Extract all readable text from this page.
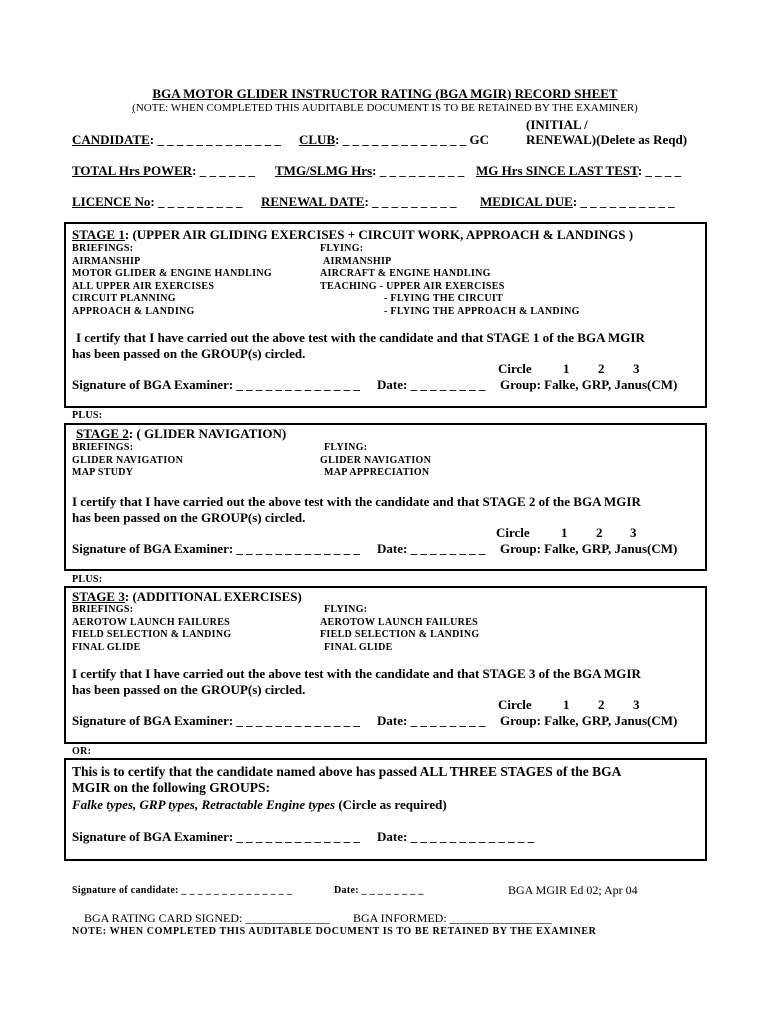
BGA MOTOR GLIDER INSTRUCTOR RATING (BGA MGIR) RECORD SHEET
(NOTE: WHEN COMPLETED THIS AUDITABLE DOCUMENT IS TO BE RETAINED BY THE EXAMINER)
CANDIDATE: _ _ _ _ _ _ _ _ _ _ _ _ _ CLUB: _ _ _ _ _ _ _ _ _ _ _ _ _ GC
(INITIAL /
RENEWAL)(Delete as Reqd)
TOTAL Hrs POWER: _ _ _ _ _ _ TMG/SLMG Hrs: _ _ _ _ _ _ _ _ _ MG Hrs SINCE LAST TEST: _ _ _ _
LICENCE No: _ _ _ _ _ _ _ _ _ RENEWAL DATE: _ _ _ _ _ _ _ _ _ MEDICAL DUE: _ _ _ _ _ _ _ _ _ _
STAGE 1: (UPPER AIR GLIDING EXERCISES + CIRCUIT WORK, APPROACH & LANDINGS )
BRIEFINGS:
AIRMANSHIP
MOTOR GLIDER & ENGINE HANDLING
ALL UPPER AIR EXERCISES
CIRCUIT PLANNING
APPROACH & LANDING
FLYING:
AIRMANSHIP
AIRCRAFT & ENGINE HANDLING
TEACHING - UPPER AIR EXERCISES
- FLYING THE CIRCUIT
- FLYING THE APPROACH & LANDING
I certify that I have carried out the above test with the candidate and that STAGE 1 of the BGA MGIR
has been passed on the GROUP(s) circled.
Circle 1 2 3
Signature of BGA Examiner: _ _ _ _ _ _ _ _ _ _ _ _ _ Date: _ _ _ _ _ _ _ _ Group: Falke, GRP, Janus(CM)
PLUS:
STAGE 2: ( GLIDER NAVIGATION)
BRIEFINGS:
GLIDER NAVIGATION
MAP STUDY
FLYING:
GLIDER NAVIGATION
MAP APPRECIATION
I certify that I have carried out the above test with the candidate and that STAGE 2 of the BGA MGIR
has been passed on the GROUP(s) circled.
Circle 1 2 3
Signature of BGA Examiner: _ _ _ _ _ _ _ _ _ _ _ _ _ Date: _ _ _ _ _ _ _ _ Group: Falke, GRP, Janus(CM)
PLUS:
STAGE 3: (ADDITIONAL EXERCISES)
BRIEFINGS:
AEROTOW LAUNCH FAILURES
FIELD SELECTION & LANDING
FINAL GLIDE
FLYING:
AEROTOW LAUNCH FAILURES
FIELD SELECTION & LANDING
FINAL GLIDE
I certify that I have carried out the above test with the candidate and that STAGE 3 of the BGA MGIR
has been passed on the GROUP(s) circled.
Circle 1 2 3
Signature of BGA Examiner: _ _ _ _ _ _ _ _ _ _ _ _ _ Date: _ _ _ _ _ _ _ _ Group: Falke, GRP, Janus(CM)
OR:
This is to certify that the candidate named above has passed ALL THREE STAGES of the BGA
MGIR on the following GROUPS:
Falke types, GRP types, Retractable Engine types (Circle as required)
Signature of BGA Examiner: _ _ _ _ _ _ _ _ _ _ _ _ _ Date: _ _ _ _ _ _ _ _ _ _ _ _ _
Signature of candidate: _ _ _ _ _ _ _ _ _ _ _ _ _ _	Date: _ _ _ _ _ _ _ _	BGA MGIR Ed 02; Apr 04
BGA RATING CARD SIGNED: ______________ BGA INFORMED: _________________
NOTE: WHEN COMPLETED THIS AUDITABLE DOCUMENT IS TO BE RETAINED BY THE EXAMINER
